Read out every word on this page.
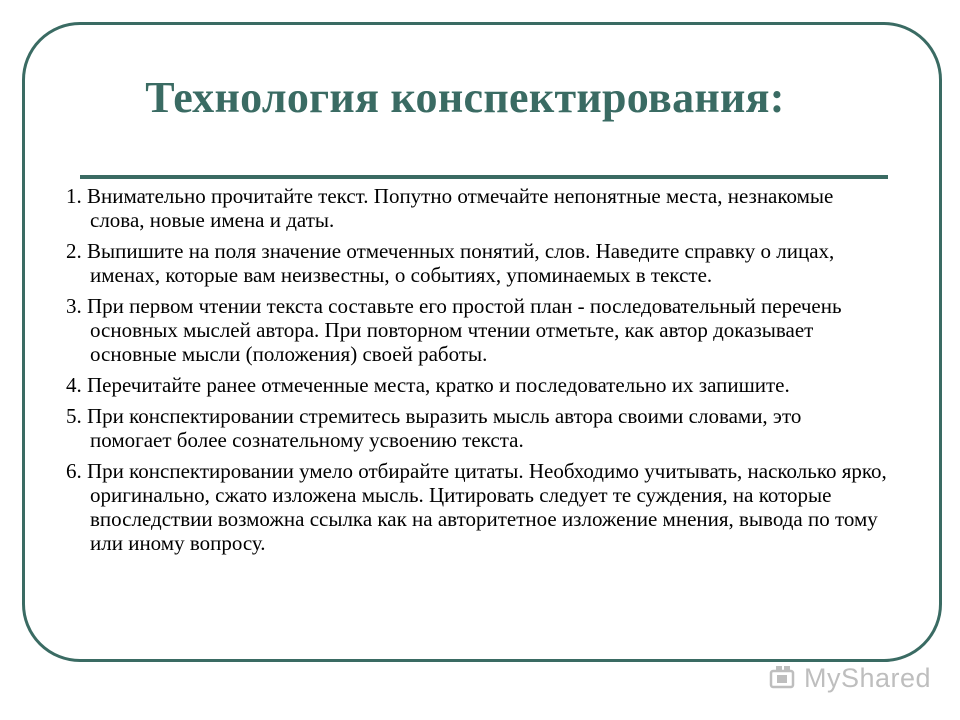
Технология конспектирования:

1. Внимательно прочитайте текст. Попутно отмечайте непонятные места, незнакомые слова, новые имена и даты.

2. Выпишите на поля значение отмеченных понятий, слов. Наведите справку о лицах, именах, которые вам неизвестны, о событиях, упоминаемых в тексте.

3. При первом чтении текста составьте его простой план - последовательный перечень основных мыслей автора. При повторном чтении отметьте, как автор доказывает основные мысли (положения) своей работы.

4. Перечитайте ранее отмеченные места, кратко и последовательно их запишите.

5. При конспектировании стремитесь выразить мысль автора своими словами, это помогает более сознательному усвоению текста.

6. При конспектировании умело отбирайте цитаты. Необходимо учитывать, насколько ярко, оригинально, сжато изложена мысль. Цитировать следует те суждения, на которые впоследствии возможна ссылка как на авторитетное изложение мнения, вывода по тому или иному вопросу.

MyShared
